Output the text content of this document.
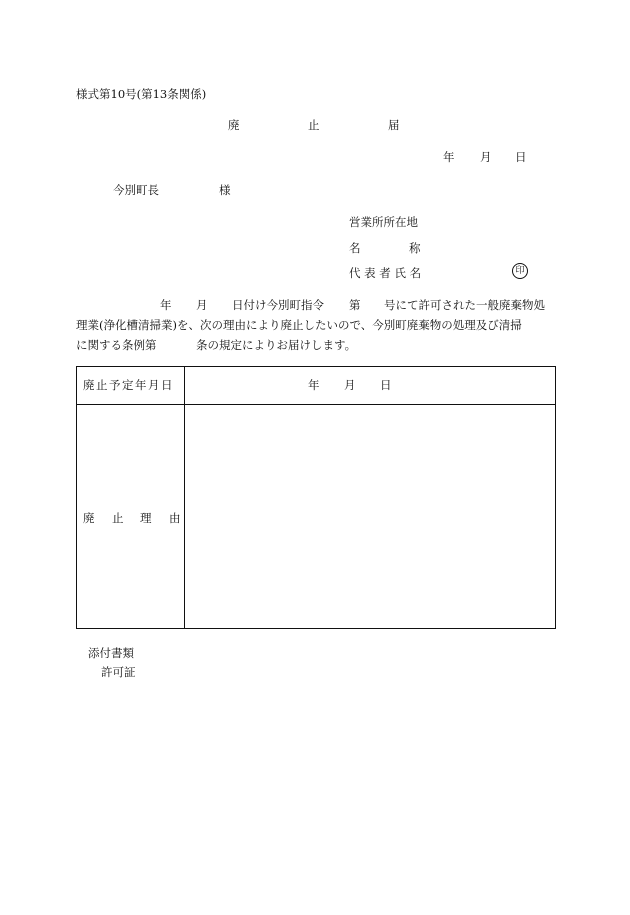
様式第10号(第13条関係)
廃	止	届
年 月 日
今別町長	様
営業所所在地
名	称
代 表 者 氏 名	印
年 月 日付け今別町指令 第 号にて許可された一般廃棄物処
理業(浄化槽清掃業)を、次の理由により廃止したいので、今別町廃棄物の処理及び清掃
に関する条例第	条の規定によりお届けします。
廃止予定年月日	年 月 日
廃 止 理 由
添付書類
許可証
